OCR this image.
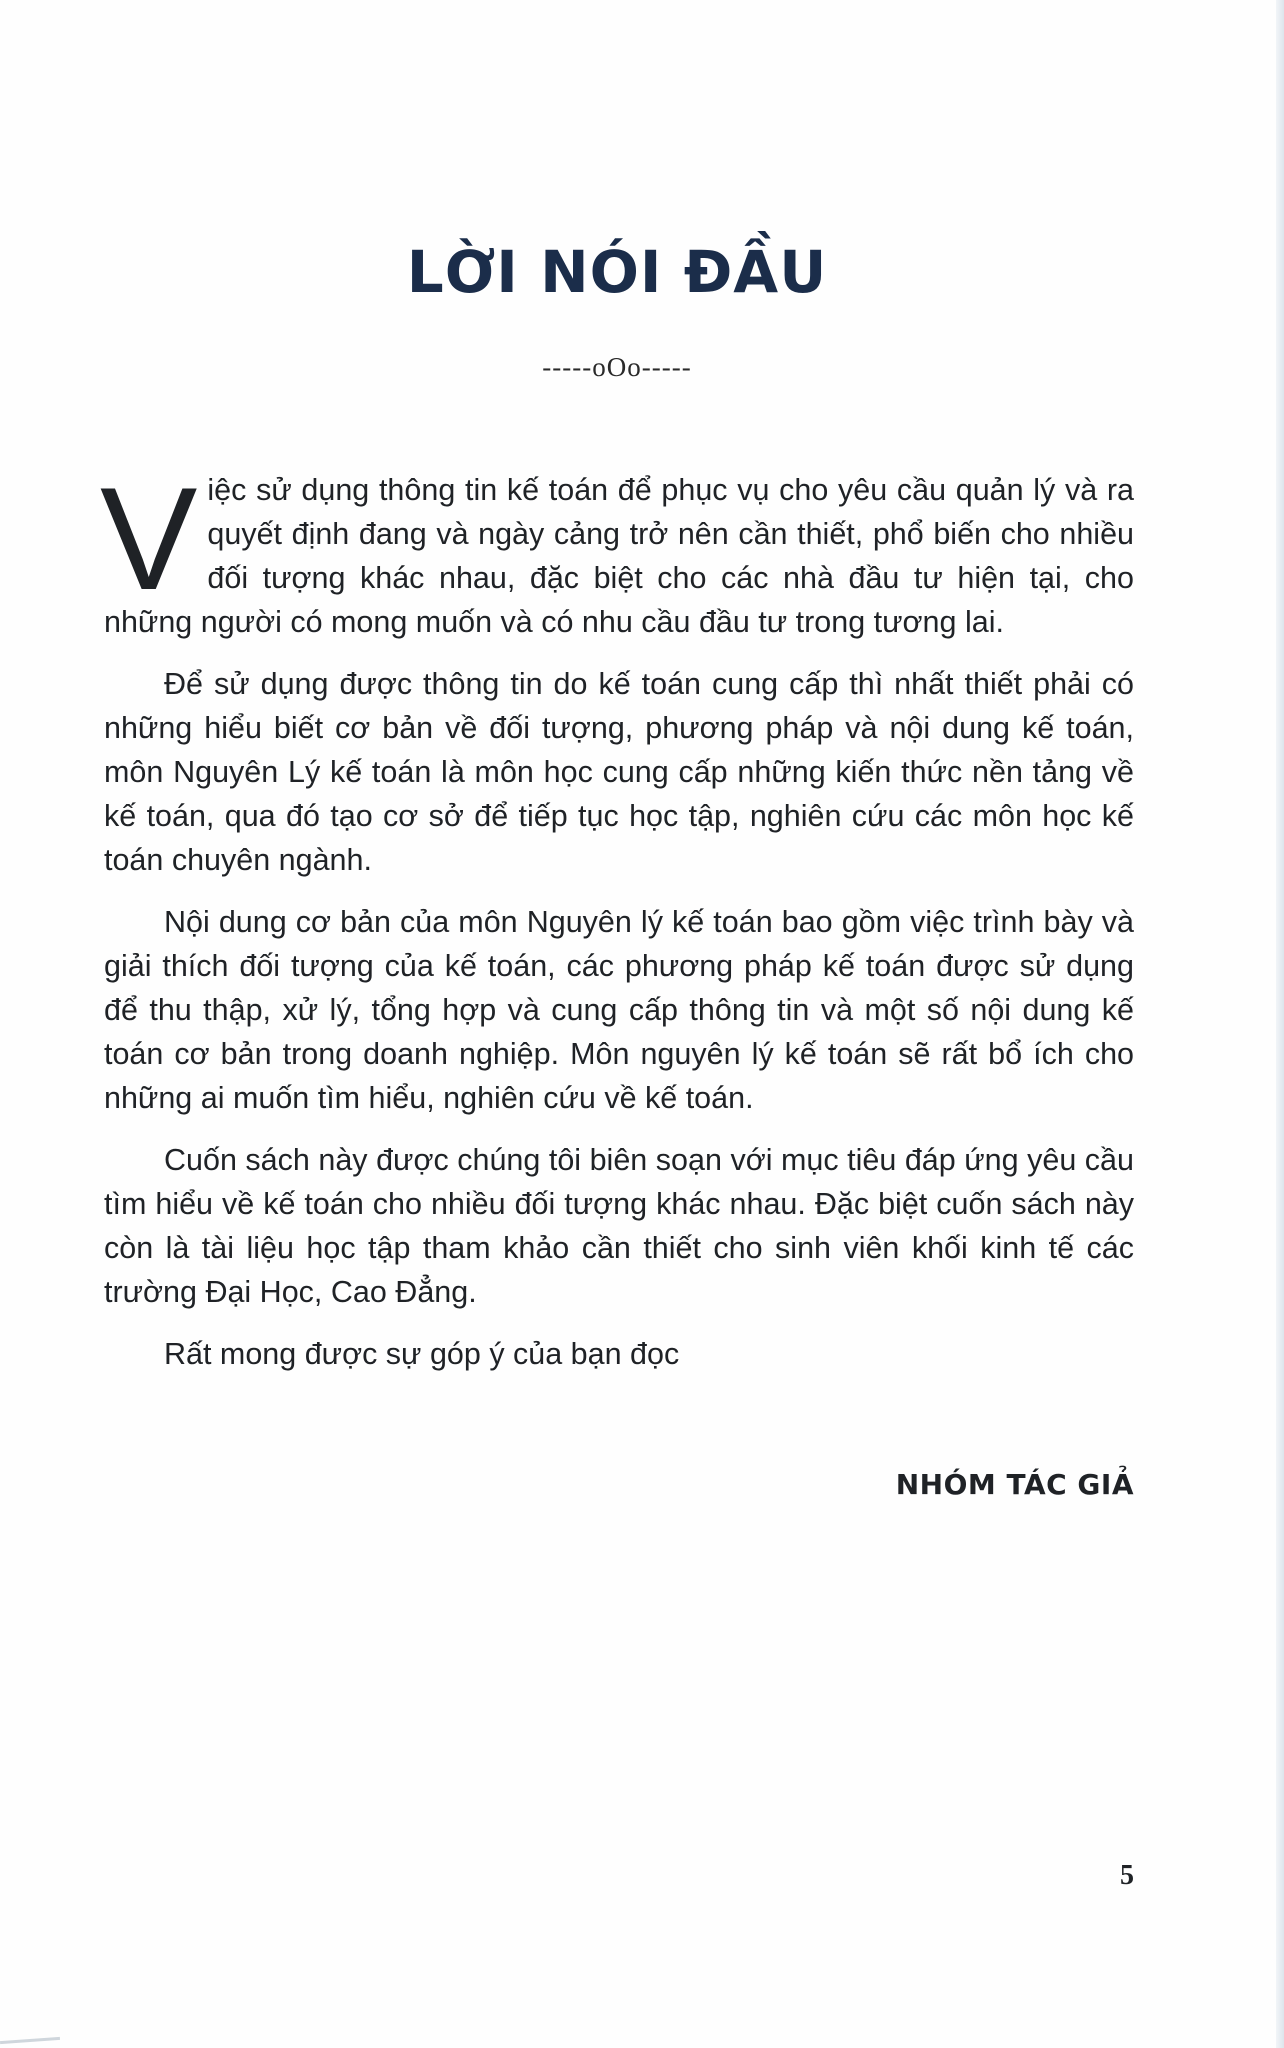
LỜI NÓI ĐẦU
-----oOo-----

Việc sử dụng thông tin kế toán để phục vụ cho yêu cầu quản lý và ra quyết định đang và ngày cảng trở nên cần thiết, phổ biến cho nhiều đối tượng khác nhau, đặc biệt cho các nhà đầu tư hiện tại, cho những người có mong muốn và có nhu cầu đầu tư trong tương lai.

Để sử dụng được thông tin do kế toán cung cấp thì nhất thiết phải có những hiểu biết cơ bản về đối tượng, phương pháp và nội dung kế toán, môn Nguyên Lý kế toán là môn học cung cấp những kiến thức nền tảng về kế toán, qua đó tạo cơ sở để tiếp tục học tập, nghiên cứu các môn học kế toán chuyên ngành.

Nội dung cơ bản của môn Nguyên lý kế toán bao gồm việc trình bày và giải thích đối tượng của kế toán, các phương pháp kế toán được sử dụng để thu thập, xử lý, tổng hợp và cung cấp thông tin và một số nội dung kế toán cơ bản trong doanh nghiệp. Môn nguyên lý kế toán sẽ rất bổ ích cho những ai muốn tìm hiểu, nghiên cứu về kế toán.

Cuốn sách này được chúng tôi biên soạn với mục tiêu đáp ứng yêu cầu tìm hiểu về kế toán cho nhiều đối tượng khác nhau. Đặc biệt cuốn sách này còn là tài liệu học tập tham khảo cần thiết cho sinh viên khối kinh tế các trường Đại Học, Cao Đẳng.

Rất mong được sự góp ý của bạn đọc

NHÓM TÁC GIẢ
5
